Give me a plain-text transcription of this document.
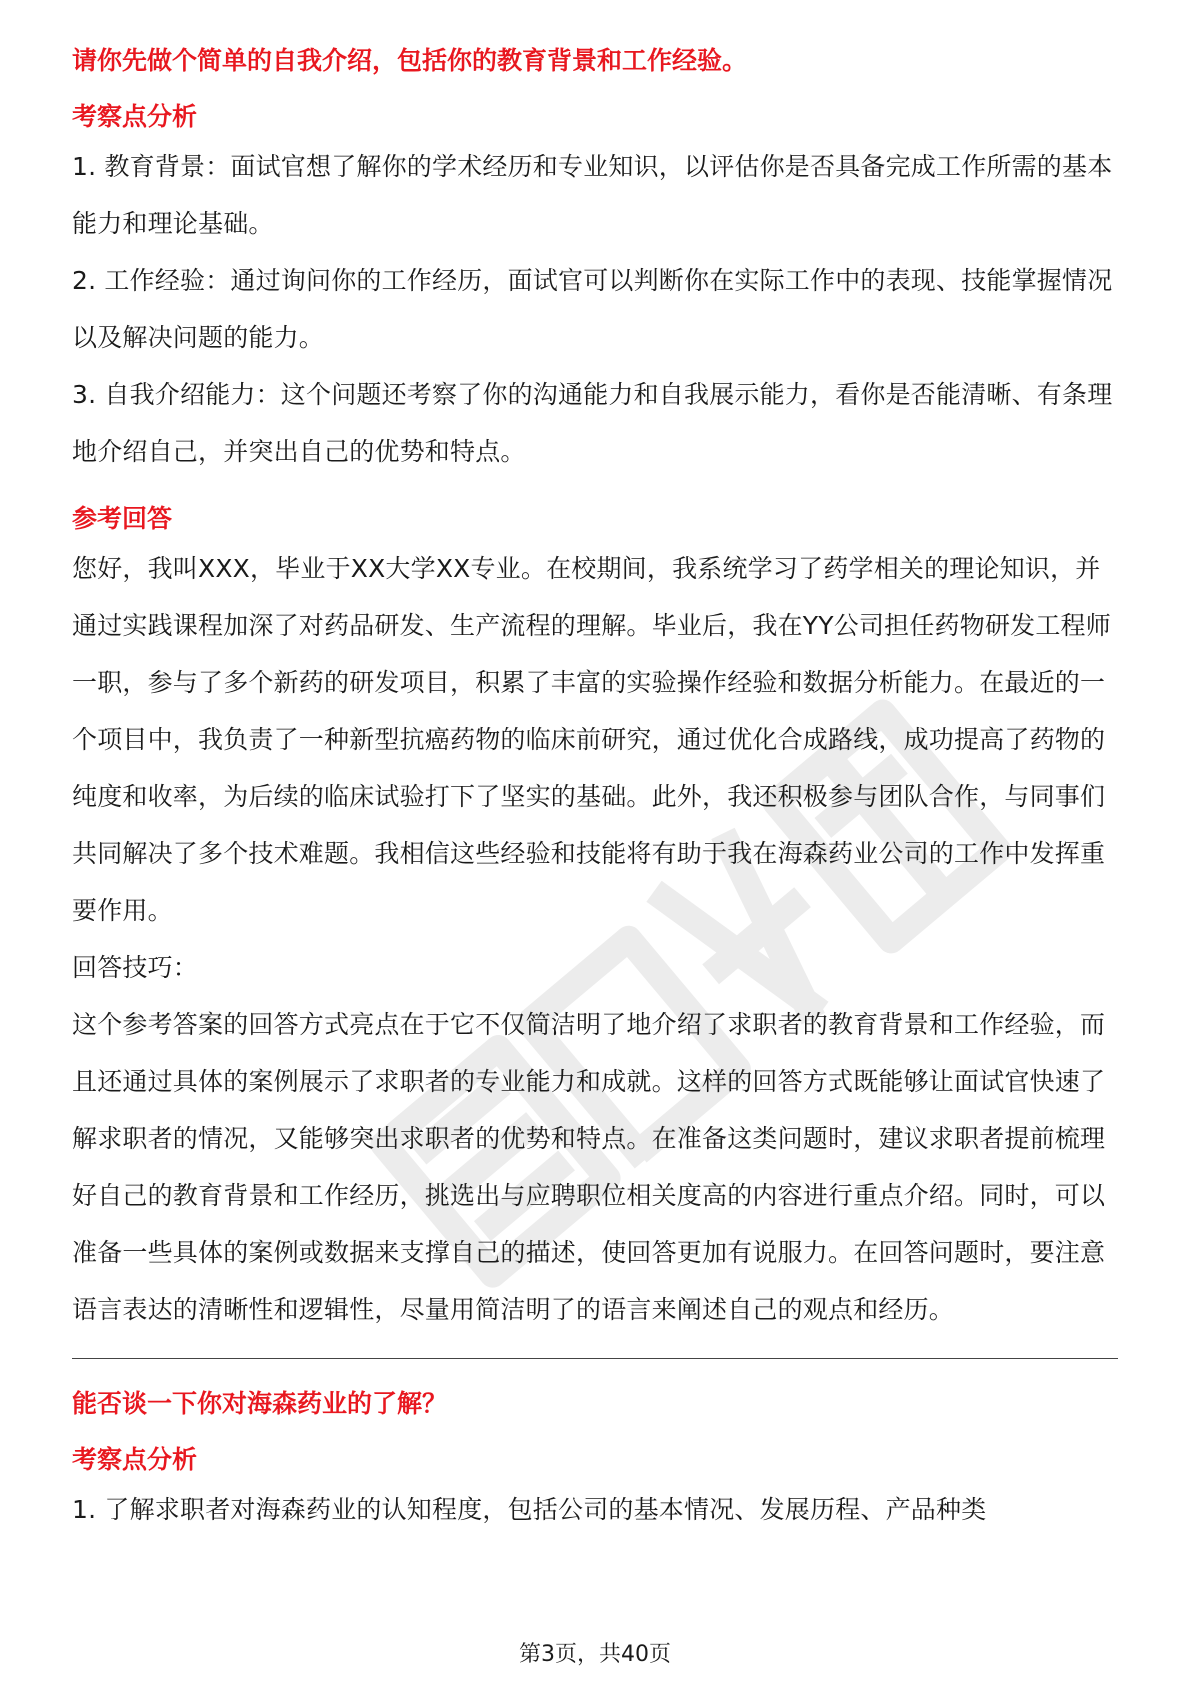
请你先做个简单的自我介绍，包括你的教育背景和工作经验。
考察点分析

1. 教育背景：面试官想了解你的学术经历和专业知识，以评估你是否具备完成工作所需的基本能力和理论基础。

2. 工作经验：通过询问你的工作经历，面试官可以判断你在实际工作中的表现、技能掌握情况以及解决问题的能力。

3. 自我介绍能力：这个问题还考察了你的沟通能力和自我展示能力，看你是否能清晰、有条理地介绍自己，并突出自己的优势和特点。

参考回答

您好，我叫XXX，毕业于XX大学XX专业。在校期间，我系统学习了药学相关的理论知识，并通过实践课程加深了对药品研发、生产流程的理解。毕业后，我在YY公司担任药物研发工程师一职，参与了多个新药的研发项目，积累了丰富的实验操作经验和数据分析能力。在最近的一个项目中，我负责了一种新型抗癌药物的临床前研究，通过优化合成路线，成功提高了药物的纯度和收率，为后续的临床试验打下了坚实的基础。此外，我还积极参与团队合作，与同事们共同解决了多个技术难题。我相信这些经验和技能将有助于我在海森药业公司的工作中发挥重要作用。

回答技巧：

这个参考答案的回答方式亮点在于它不仅简洁明了地介绍了求职者的教育背景和工作经验，而且还通过具体的案例展示了求职者的专业能力和成就。这样的回答方式既能够让面试官快速了解求职者的情况，又能够突出求职者的优势和特点。在准备这类问题时，建议求职者提前梳理好自己的教育背景和工作经历，挑选出与应聘职位相关度高的内容进行重点介绍。同时，可以准备一些具体的案例或数据来支撑自己的描述，使回答更加有说服力。在回答问题时，要注意语言表达的清晰性和逻辑性，尽量用简洁明了的语言来阐述自己的观点和经历。

能否谈一下你对海森药业的了解？
考察点分析

1. 了解求职者对海森药业的认知程度，包括公司的基本情况、发展历程、产品种类

第3页，共40页
